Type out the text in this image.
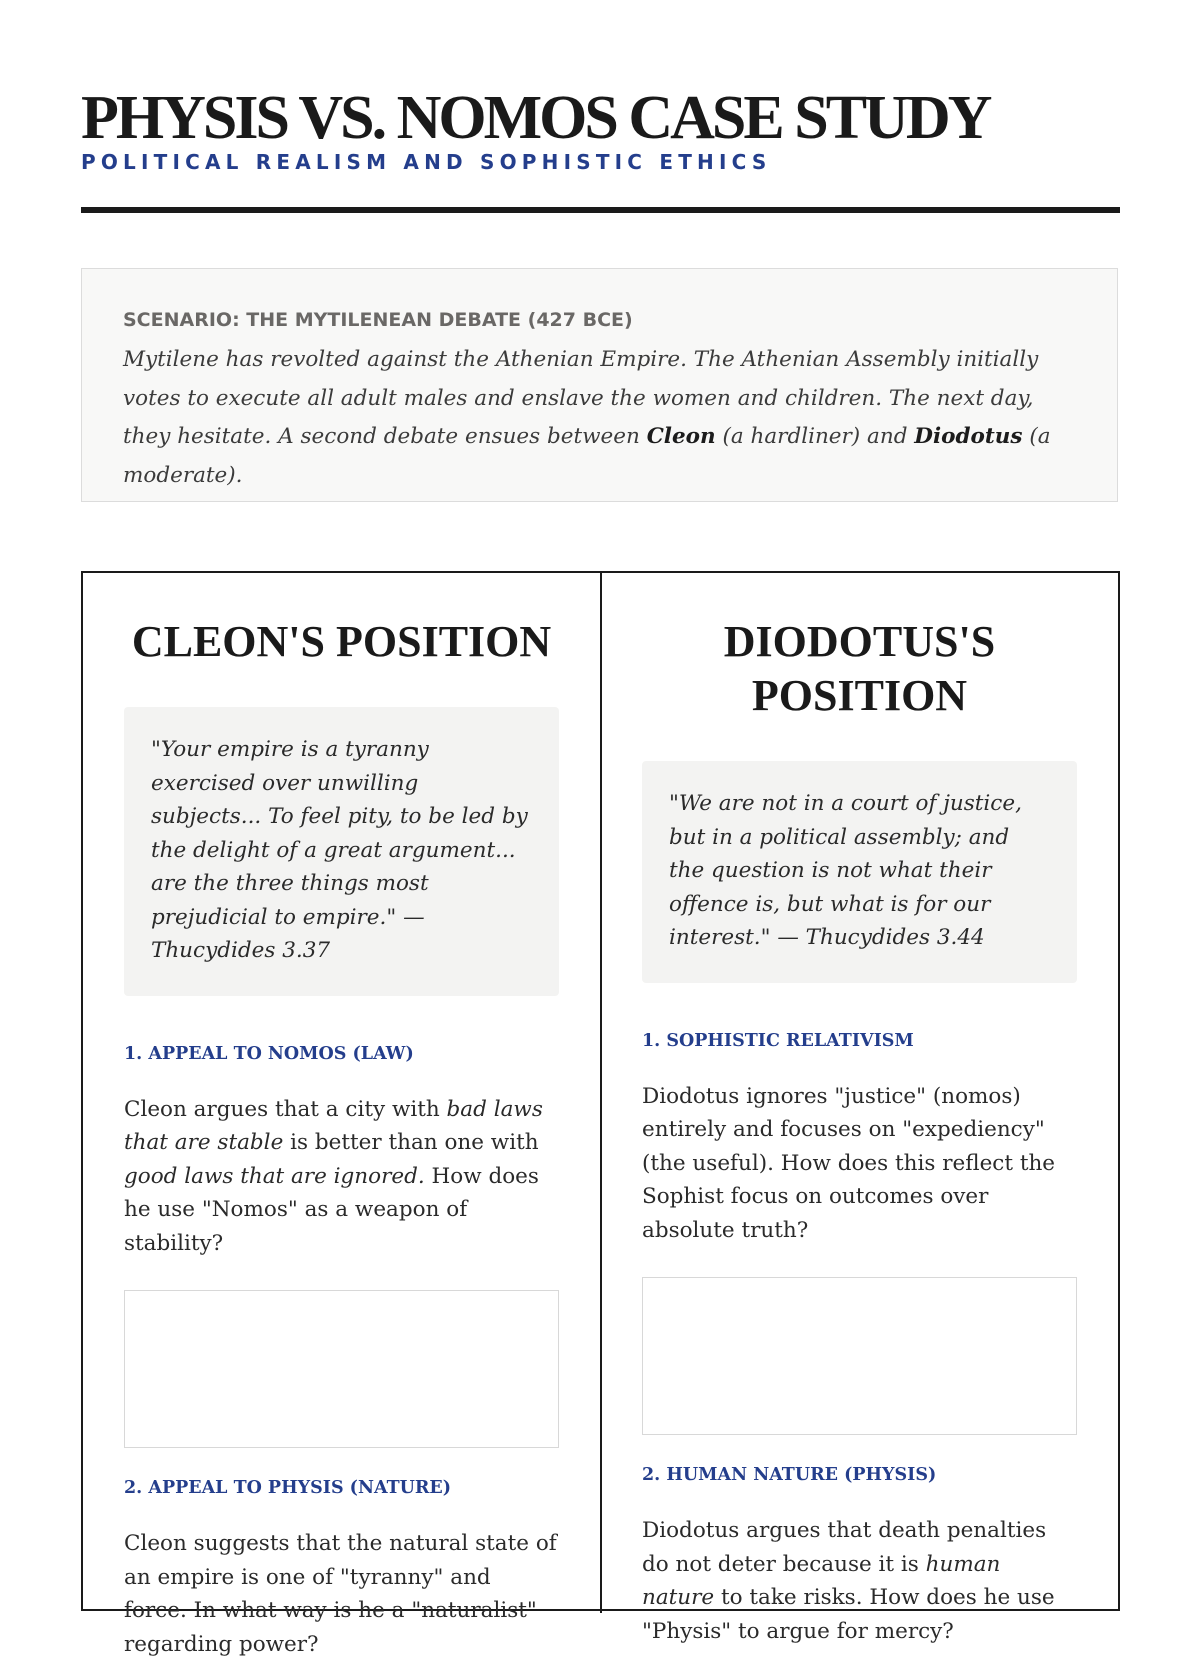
PHYSIS VS. NOMOS CASE STUDY

POLITICAL REALISM AND SOPHISTIC ETHICS

SCENARIO: THE MYTILENEAN DEBATE (427 BCE)

Mytilene has revolted against the Athenian Empire. The Athenian Assembly initially votes to execute all adult males and enslave the women and children. The next day, they hesitate. A second debate ensues between Cleon (a hardliner) and Diodotus (a moderate).

CLEON'S POSITION
"Your empire is a tyranny exercised over unwilling subjects... To feel pity, to be led by the delight of a great argument... are the three things most prejudicial to empire." — Thucydides 3.37

1. APPEAL TO NOMOS (LAW)

Cleon argues that a city with bad laws that are stable is better than one with good laws that are ignored. How does he use "Nomos" as a weapon of stability?

2. APPEAL TO PHYSIS (NATURE)

Cleon suggests that the natural state of an empire is one of "tyranny" and force. In what way is he a "naturalist" regarding power?

DIODOTUS'S POSITION
"We are not in a court of justice, but in a political assembly; and the question is not what their offence is, but what is for our interest." — Thucydides 3.44

1. SOPHISTIC RELATIVISM

Diodotus ignores "justice" (nomos) entirely and focuses on "expediency" (the useful). How does this reflect the Sophist focus on outcomes over absolute truth?

2. HUMAN NATURE (PHYSIS)

Diodotus argues that death penalties do not deter because it is human nature to take risks. How does he use "Physis" to argue for mercy?
